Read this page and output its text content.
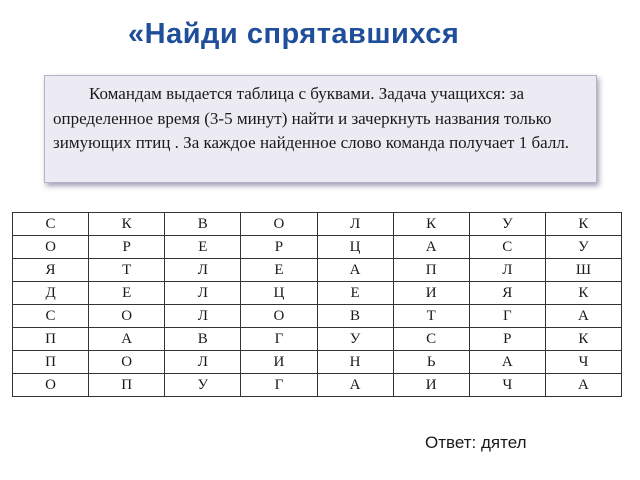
«Найди спрятавшихся
Командам выдается таблица с буквами. Задача учащихся: за определенное время (3-5 минут) найти и зачеркнуть названия только зимующих птиц . За каждое найденное слово команда получает 1 балл.
С	К	В	О	Л	К	У	К
О	Р	Е	Р	Ц	А	С	У
Я	Т	Л	Е	А	П	Л	Ш
Д	Е	Л	Ц	Е	И	Я	К
С	О	Л	О	В	Т	Г	А
П	А	В	Г	У	С	Р	К
П	О	Л	И	Н	Ь	А	Ч
О	П	У	Г	А	И	Ч	А
Ответ: дятел
